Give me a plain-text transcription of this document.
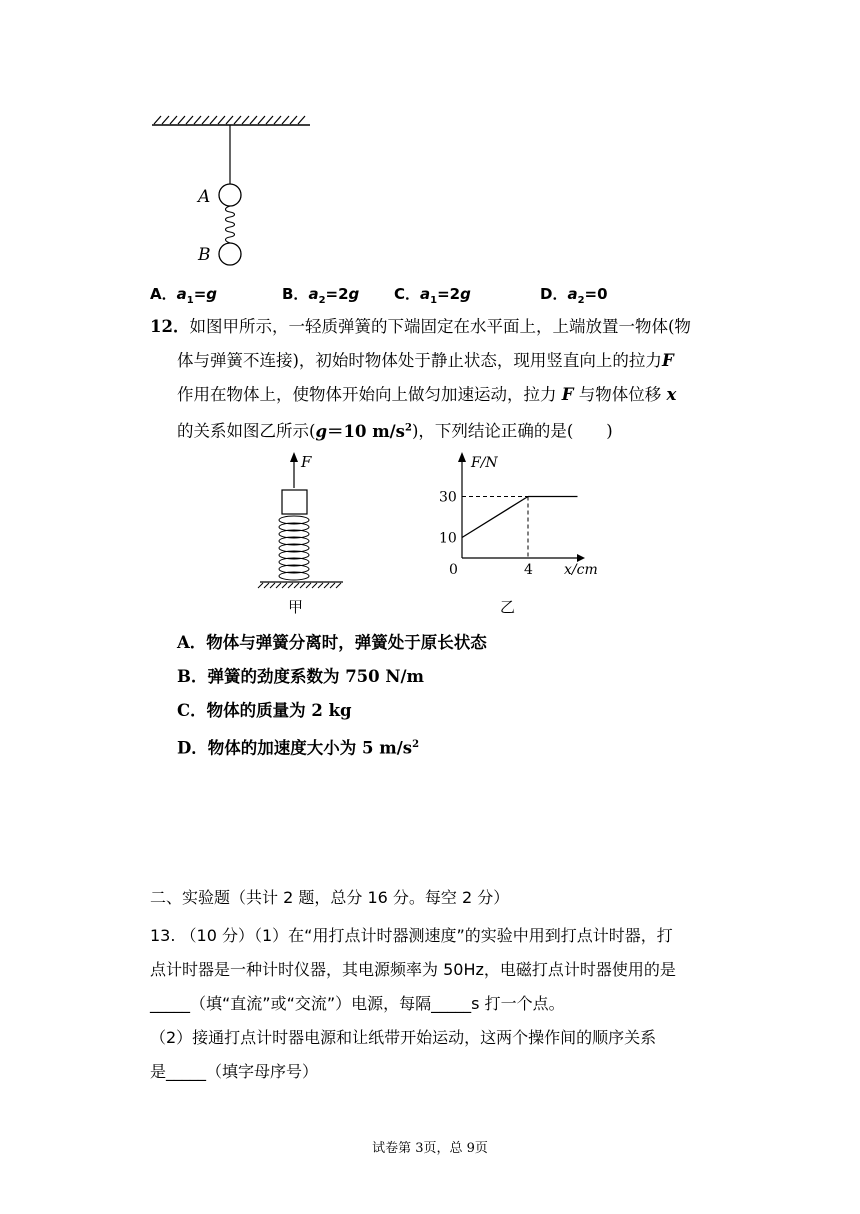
A
B
A．$a_1=g$	B．$a_2=2g$ C．$a_1=2g$	D．$a_2=0$
12．如图甲所示，一轻质弹簧的下端固定在水平面上，上端放置一物体(物
体与弹簧不连接)，初始时物体处于静止状态，现用竖直向上的拉力F
作用在物体上，使物体开始向上做匀加速运动，拉力 F 与物体位移 x
的关系如图乙所示(g＝10 $m/s^2$)，下列结论正确的是(　　)
F
甲
F/N
x/cm
0	4
10
30
乙
A．物体与弹簧分离时，弹簧处于原长状态
B．弹簧的劲度系数为 750 N/m
C．物体的质量为 2 kg
D．物体的加速度大小为 5 $m/s^2$
二、实验题（共计 2 题，总分 16 分。每空 2 分）
13. （10 分）（1）在“用打点计时器测速度”的实验中用到打点计时器，打
点计时器是一种计时仪器，其电源频率为 50Hz，电磁打点计时器使用的是
_____（填“直流”或“交流”）电源，每隔_____s 打一个点。
（2）接通打点计时器电源和让纸带开始运动，这两个操作间的顺序关系
是_____（填字母序号）
试卷第 3页，总 9页
